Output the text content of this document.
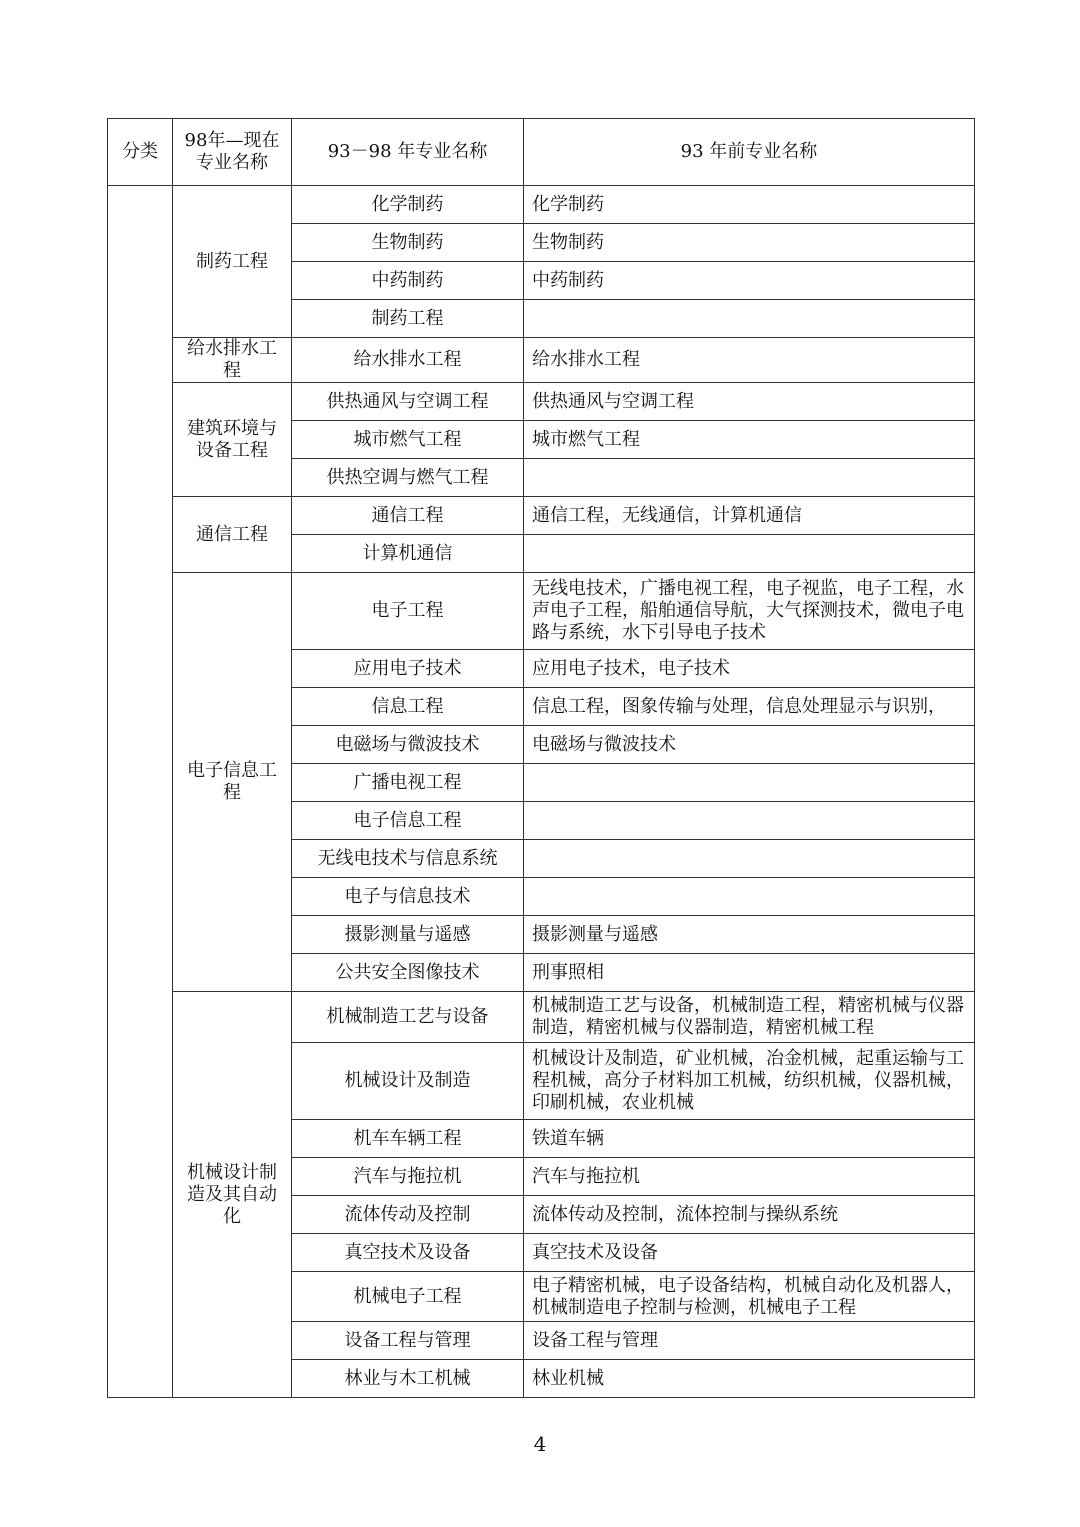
分类	98年—现在专业名称	93－98 年专业名称	93 年前专业名称
	制药工程	化学制药	化学制药
		生物制药	生物制药
		中药制药	中药制药
		制药工程	
	给水排水工程	给水排水工程	给水排水工程
	建筑环境与设备工程	供热通风与空调工程	供热通风与空调工程
		城市燃气工程	城市燃气工程
		供热空调与燃气工程	
	通信工程	通信工程	通信工程，无线通信，计算机通信
		计算机通信	
	电子信息工程	电子工程	无线电技术，广播电视工程，电子视监，电子工程，水声电子工程，船舶通信导航，大气探测技术，微电子电路与系统，水下引导电子技术
		应用电子技术	应用电子技术，电子技术
		信息工程	信息工程，图象传输与处理，信息处理显示与识别，
		电磁场与微波技术	电磁场与微波技术
		广播电视工程	
		电子信息工程	
		无线电技术与信息系统	
		电子与信息技术	
		摄影测量与遥感	摄影测量与遥感
		公共安全图像技术	刑事照相
	机械设计制造及其自动化	机械制造工艺与设备	机械制造工艺与设备，机械制造工程，精密机械与仪器制造，精密机械与仪器制造，精密机械工程
		机械设计及制造	机械设计及制造，矿业机械，冶金机械，起重运输与工程机械，高分子材料加工机械，纺织机械，仪器机械，印刷机械，农业机械
		机车车辆工程	铁道车辆
		汽车与拖拉机	汽车与拖拉机
		流体传动及控制	流体传动及控制，流体控制与操纵系统
		真空技术及设备	真空技术及设备
		机械电子工程	电子精密机械，电子设备结构，机械自动化及机器人，机械制造电子控制与检测，机械电子工程
		设备工程与管理	设备工程与管理
		林业与木工机械	林业机械
4
